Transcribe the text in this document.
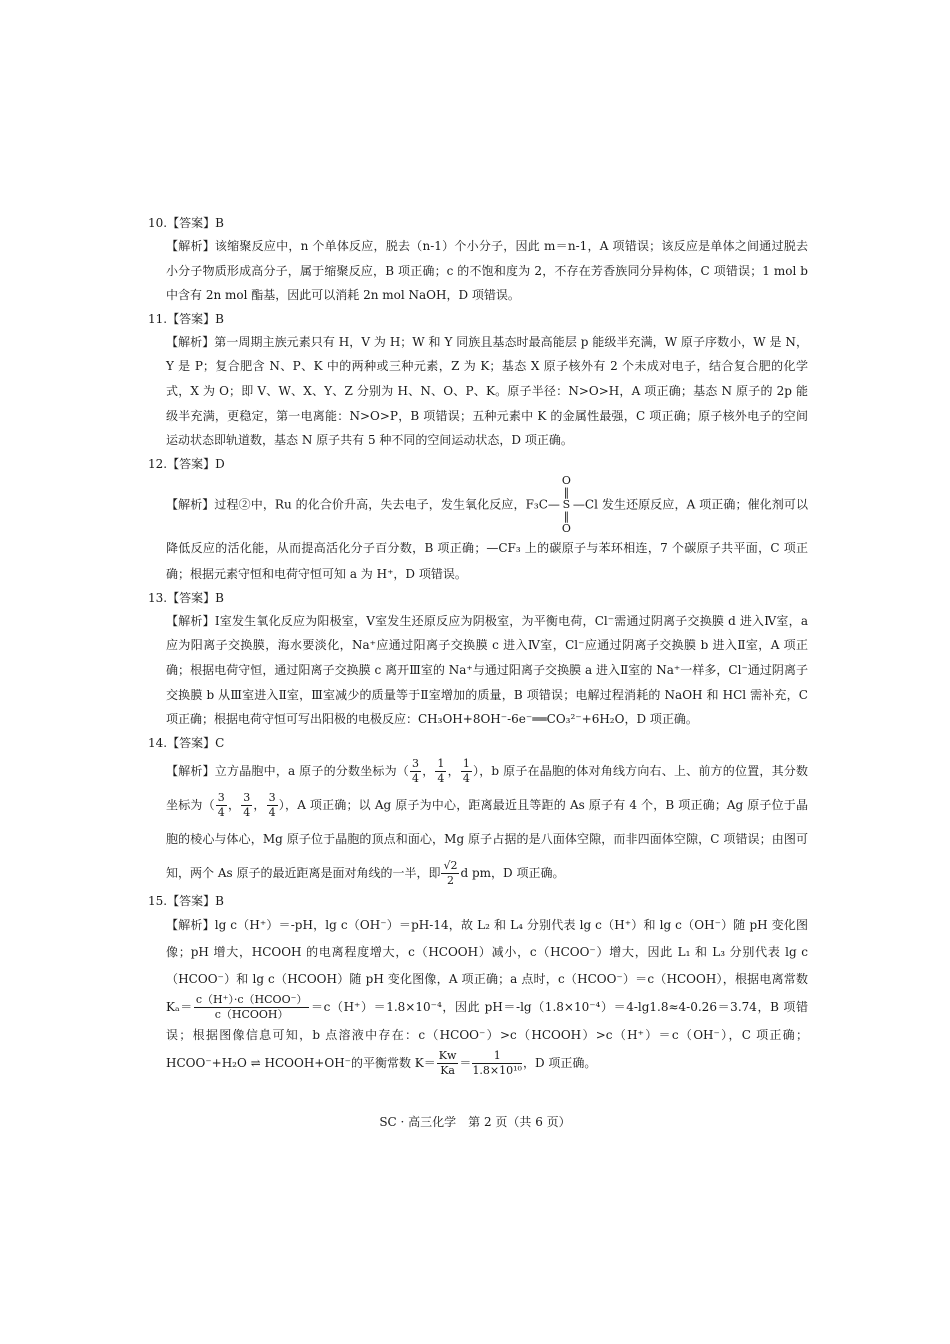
10.【答案】B
【解析】该缩聚反应中，n 个单体反应，脱去（n-1）个小分子，因此 m＝n-1，A 项错误；该反应是单体之间通过脱去小分子物质形成高分子，属于缩聚反应，B 项正确；c 的不饱和度为 2，不存在芳香族同分异构体，C 项错误；1 mol b 中含有 2n mol 酯基，因此可以消耗 2n mol NaOH，D 项错误。
11.【答案】B
【解析】第一周期主族元素只有 H，V 为 H；W 和 Y 同族且基态时最高能层 p 能级半充满，W 原子序数小，W 是 N，Y 是 P；复合肥含 N、P、K 中的两种或三种元素，Z 为 K；基态 X 原子核外有 2 个未成对电子，结合复合肥的化学式，X 为 O；即 V、W、X、Y、Z 分别为 H、N、O、P、K。原子半径：N>O>H，A 项正确；基态 N 原子的 2p 能级半充满，更稳定，第一电离能：N>O>P，B 项错误；五种元素中 K 的金属性最强，C 项正确；原子核外电子的空间运动状态即轨道数，基态 N 原子共有 5 种不同的空间运动状态，D 项正确。
12.【答案】D
【解析】过程②中，Ru 的化合价升高，失去电子，发生氧化反应，F₃C—
O
‖
S
‖
O
—Cl 发生还原反应，A 项正确；催化剂可以降低反应的活化能，从而提高活化分子百分数，B 项正确；—CF₃ 上的碳原子与苯环相连，7 个碳原子共平面，C 项正确；根据元素守恒和电荷守恒可知 a 为 H⁺，D 项错误。
13.【答案】B
【解析】Ⅰ室发生氧化反应为阳极室，Ⅴ室发生还原反应为阴极室，为平衡电荷，Cl⁻需通过阴离子交换膜 d 进入Ⅳ室，a 应为阳离子交换膜，海水要淡化，Na⁺应通过阳离子交换膜 c 进入Ⅳ室，Cl⁻应通过阴离子交换膜 b 进入Ⅱ室，A 项正确；根据电荷守恒，通过阳离子交换膜 c 离开Ⅲ室的 Na⁺与通过阳离子交换膜 a 进入Ⅱ室的 Na⁺一样多，Cl⁻通过阴离子交换膜 b 从Ⅲ室进入Ⅱ室，Ⅲ室减少的质量等于Ⅱ室增加的质量，B 项错误；电解过程消耗的 NaOH 和 HCl 需补充，C 项正确；根据电荷守恒可写出阳极的电极反应：CH₃OH+8OH⁻-6e⁻══CO₃²⁻+6H₂O，D 项正确。
14.【答案】C
【解析】立方晶胞中，a 原子的分数坐标为（ $\frac{3}{4}$ ， $\frac{1}{4}$ ， $\frac{1}{4}$ ），b 原子在晶胞的体对角线方向右、上、前方的位置，其分数坐标为（ $\frac{3}{4}$ ， $\frac{3}{4}$ ， $\frac{3}{4}$ ），A 项正确；以 Ag 原子为中心，距离最近且等距的 As 原子有 4 个，B 项正确；Ag 原子位于晶胞的棱心与体心，Mg 原子位于晶胞的顶点和面心，Mg 原子占据的是八面体空隙，而非四面体空隙，C 项错误；由图可知，两个 As 原子的最近距离是面对角线的一半，即 $\frac{√2}{2}$ d pm，D 项正确。
15.【答案】B
【解析】lg c（H⁺）＝-pH，lg c（OH⁻）＝pH-14，故 L₂ 和 L₄ 分别代表 lg c（H⁺）和 lg c（OH⁻）随 pH 变化图像；pH 增大，HCOOH 的电离程度增大，c（HCOOH）减小，c（HCOO⁻）增大，因此 L₁ 和 L₃ 分别代表 lg c（HCOO⁻）和 lg c（HCOOH）随 pH 变化图像，A 项正确；a 点时，c（HCOO⁻）＝c（HCOOH），根据电离常数 $K_a= \frac{\text{c（H⁺）·c（HCOO⁻）}}{\text{c（HCOOH）}} =c(H^+)=1.8\times 10^{-4}$，因此 pH＝-lg（1.8×10⁻⁴）＝4-lg1.8≈4-0.26＝3.74，B 项错误；根据图像信息可知，b 点溶液中存在：c（HCOO⁻）>c（HCOOH）>c（H⁺）＝c（OH⁻），C 项正确；HCOO⁻+H₂O ⇌ HCOOH+OH⁻的平衡常数 $K= \frac{Kw}{Ka} = \frac{1}{\text{1.8×10¹⁰}}$ ，D 项正确。
SC · 高三化学　第 2 页（共 6 页）
